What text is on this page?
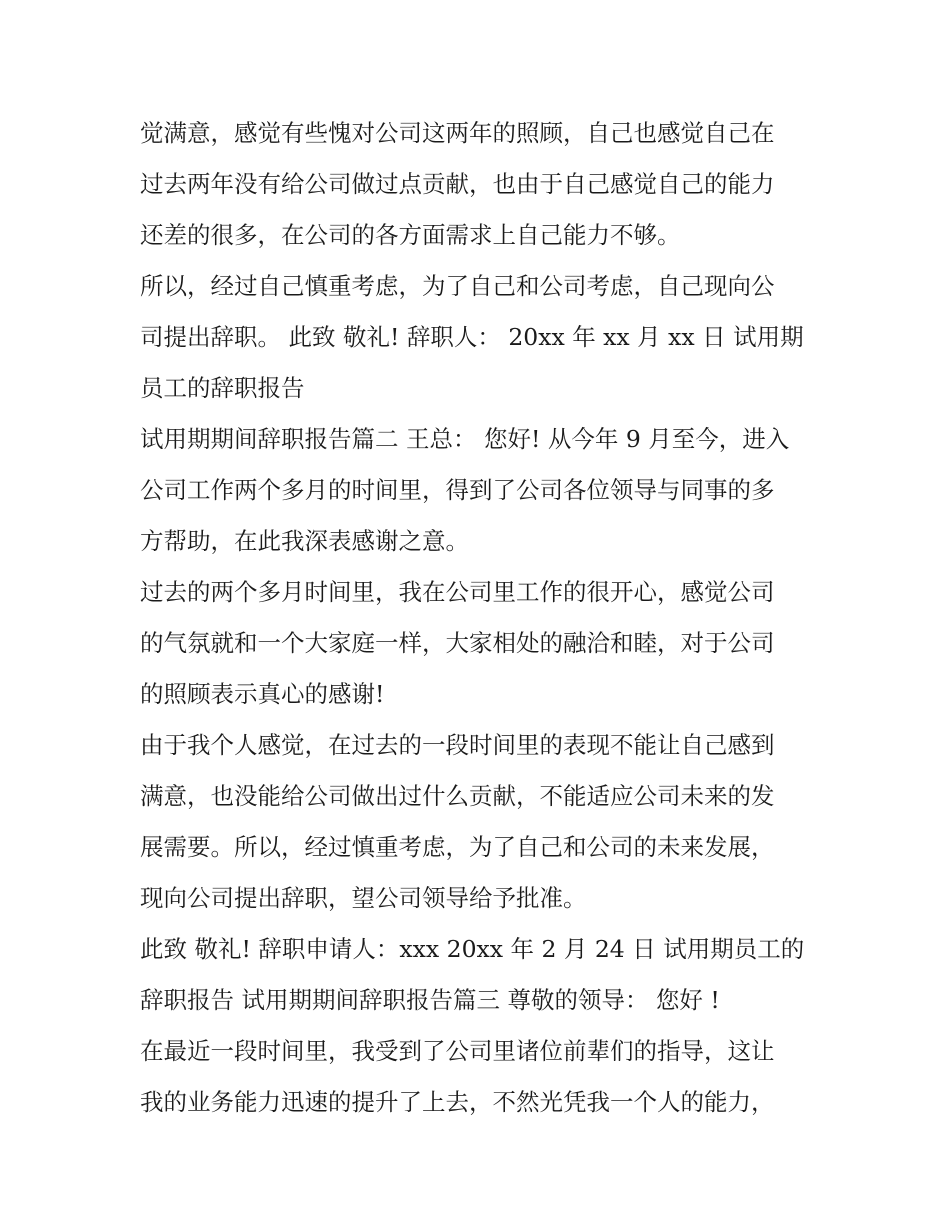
觉满意，感觉有些愧对公司这两年的照顾，自己也感觉自己在
过去两年没有给公司做过点贡献，也由于自己感觉自己的能力
还差的很多，在公司的各方面需求上自己能力不够。
所以，经过自己慎重考虑，为了自己和公司考虑，自己现向公
司提出辞职。 此致 敬礼! 辞职人： 20xx 年 xx 月 xx 日 试用期
员工的辞职报告
试用期期间辞职报告篇二 王总： 您好! 从今年 9 月至今，进入
公司工作两个多月的时间里，得到了公司各位领导与同事的多
方帮助，在此我深表感谢之意。
过去的两个多月时间里，我在公司里工作的很开心，感觉公司
的气氛就和一个大家庭一样，大家相处的融洽和睦，对于公司
的照顾表示真心的感谢!
由于我个人感觉，在过去的一段时间里的表现不能让自己感到
满意，也没能给公司做出过什么贡献，不能适应公司未来的发
展需要。所以，经过慎重考虑，为了自己和公司的未来发展，
现向公司提出辞职，望公司领导给予批准。
此致 敬礼! 辞职申请人：xxx 20xx 年 2 月 24 日 试用期员工的
辞职报告 试用期期间辞职报告篇三 尊敬的领导： 您好 !
在最近一段时间里，我受到了公司里诸位前辈们的指导，这让
我的业务能力迅速的提升了上去，不然光凭我一个人的能力，
